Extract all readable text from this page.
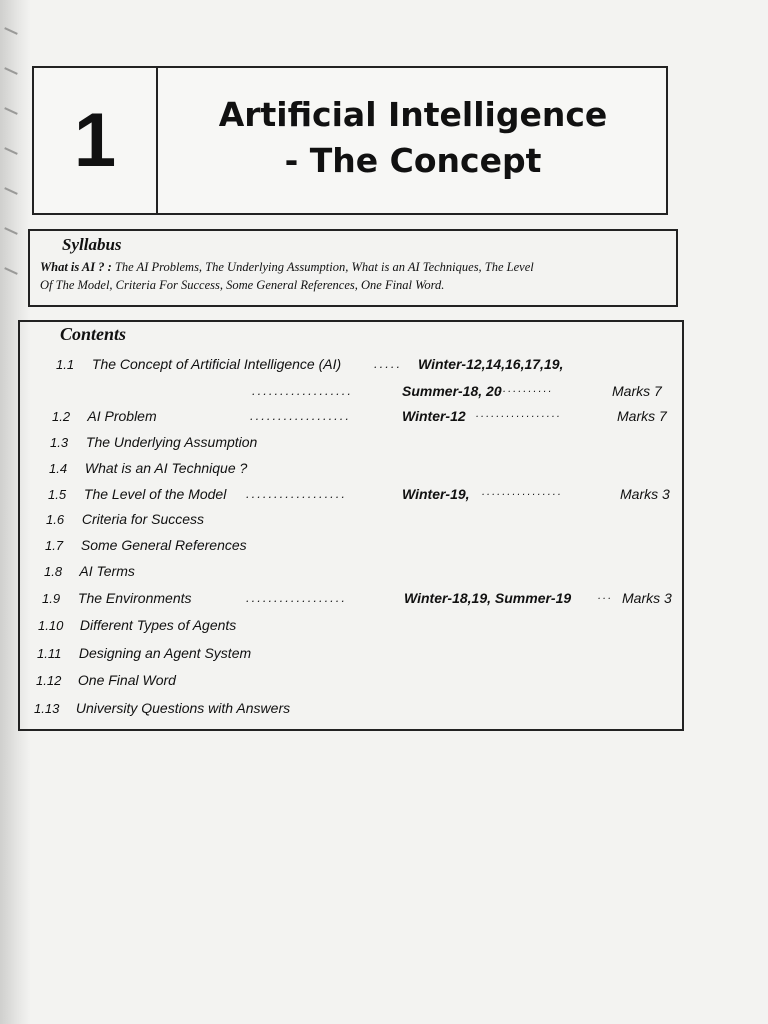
1	Artificial Intelligence
- The Concept
Syllabus
What is AI ? : The AI Problems, The Underlying Assumption, What is an AI Techniques, The Level
Of The Model, Criteria For Success, Some General References, One Final Word.
Contents
1.1 The Concept of Artificial Intelligence (AI)	..... Winter-12,14,16,17,19,
..................	Summer-18, 20
...........	Marks 7
1.2 AI Problem	..................	Winter-12 .................	Marks 7
1.3 The Underlying Assumption
1.4 What is an AI Technique ?
1.5 The Level of the Model ..................	Winter-19, ................	Marks 3
1.6 Criteria for Success
1.7 Some General References
1.8 AI Terms
1.9 The Environments	..................	Winter-18,19, Summer-19 ... Marks 3
1.10 Different Types of Agents
1.11 Designing an Agent System
1.12 One Final Word
1.13 University Questions with Answers
